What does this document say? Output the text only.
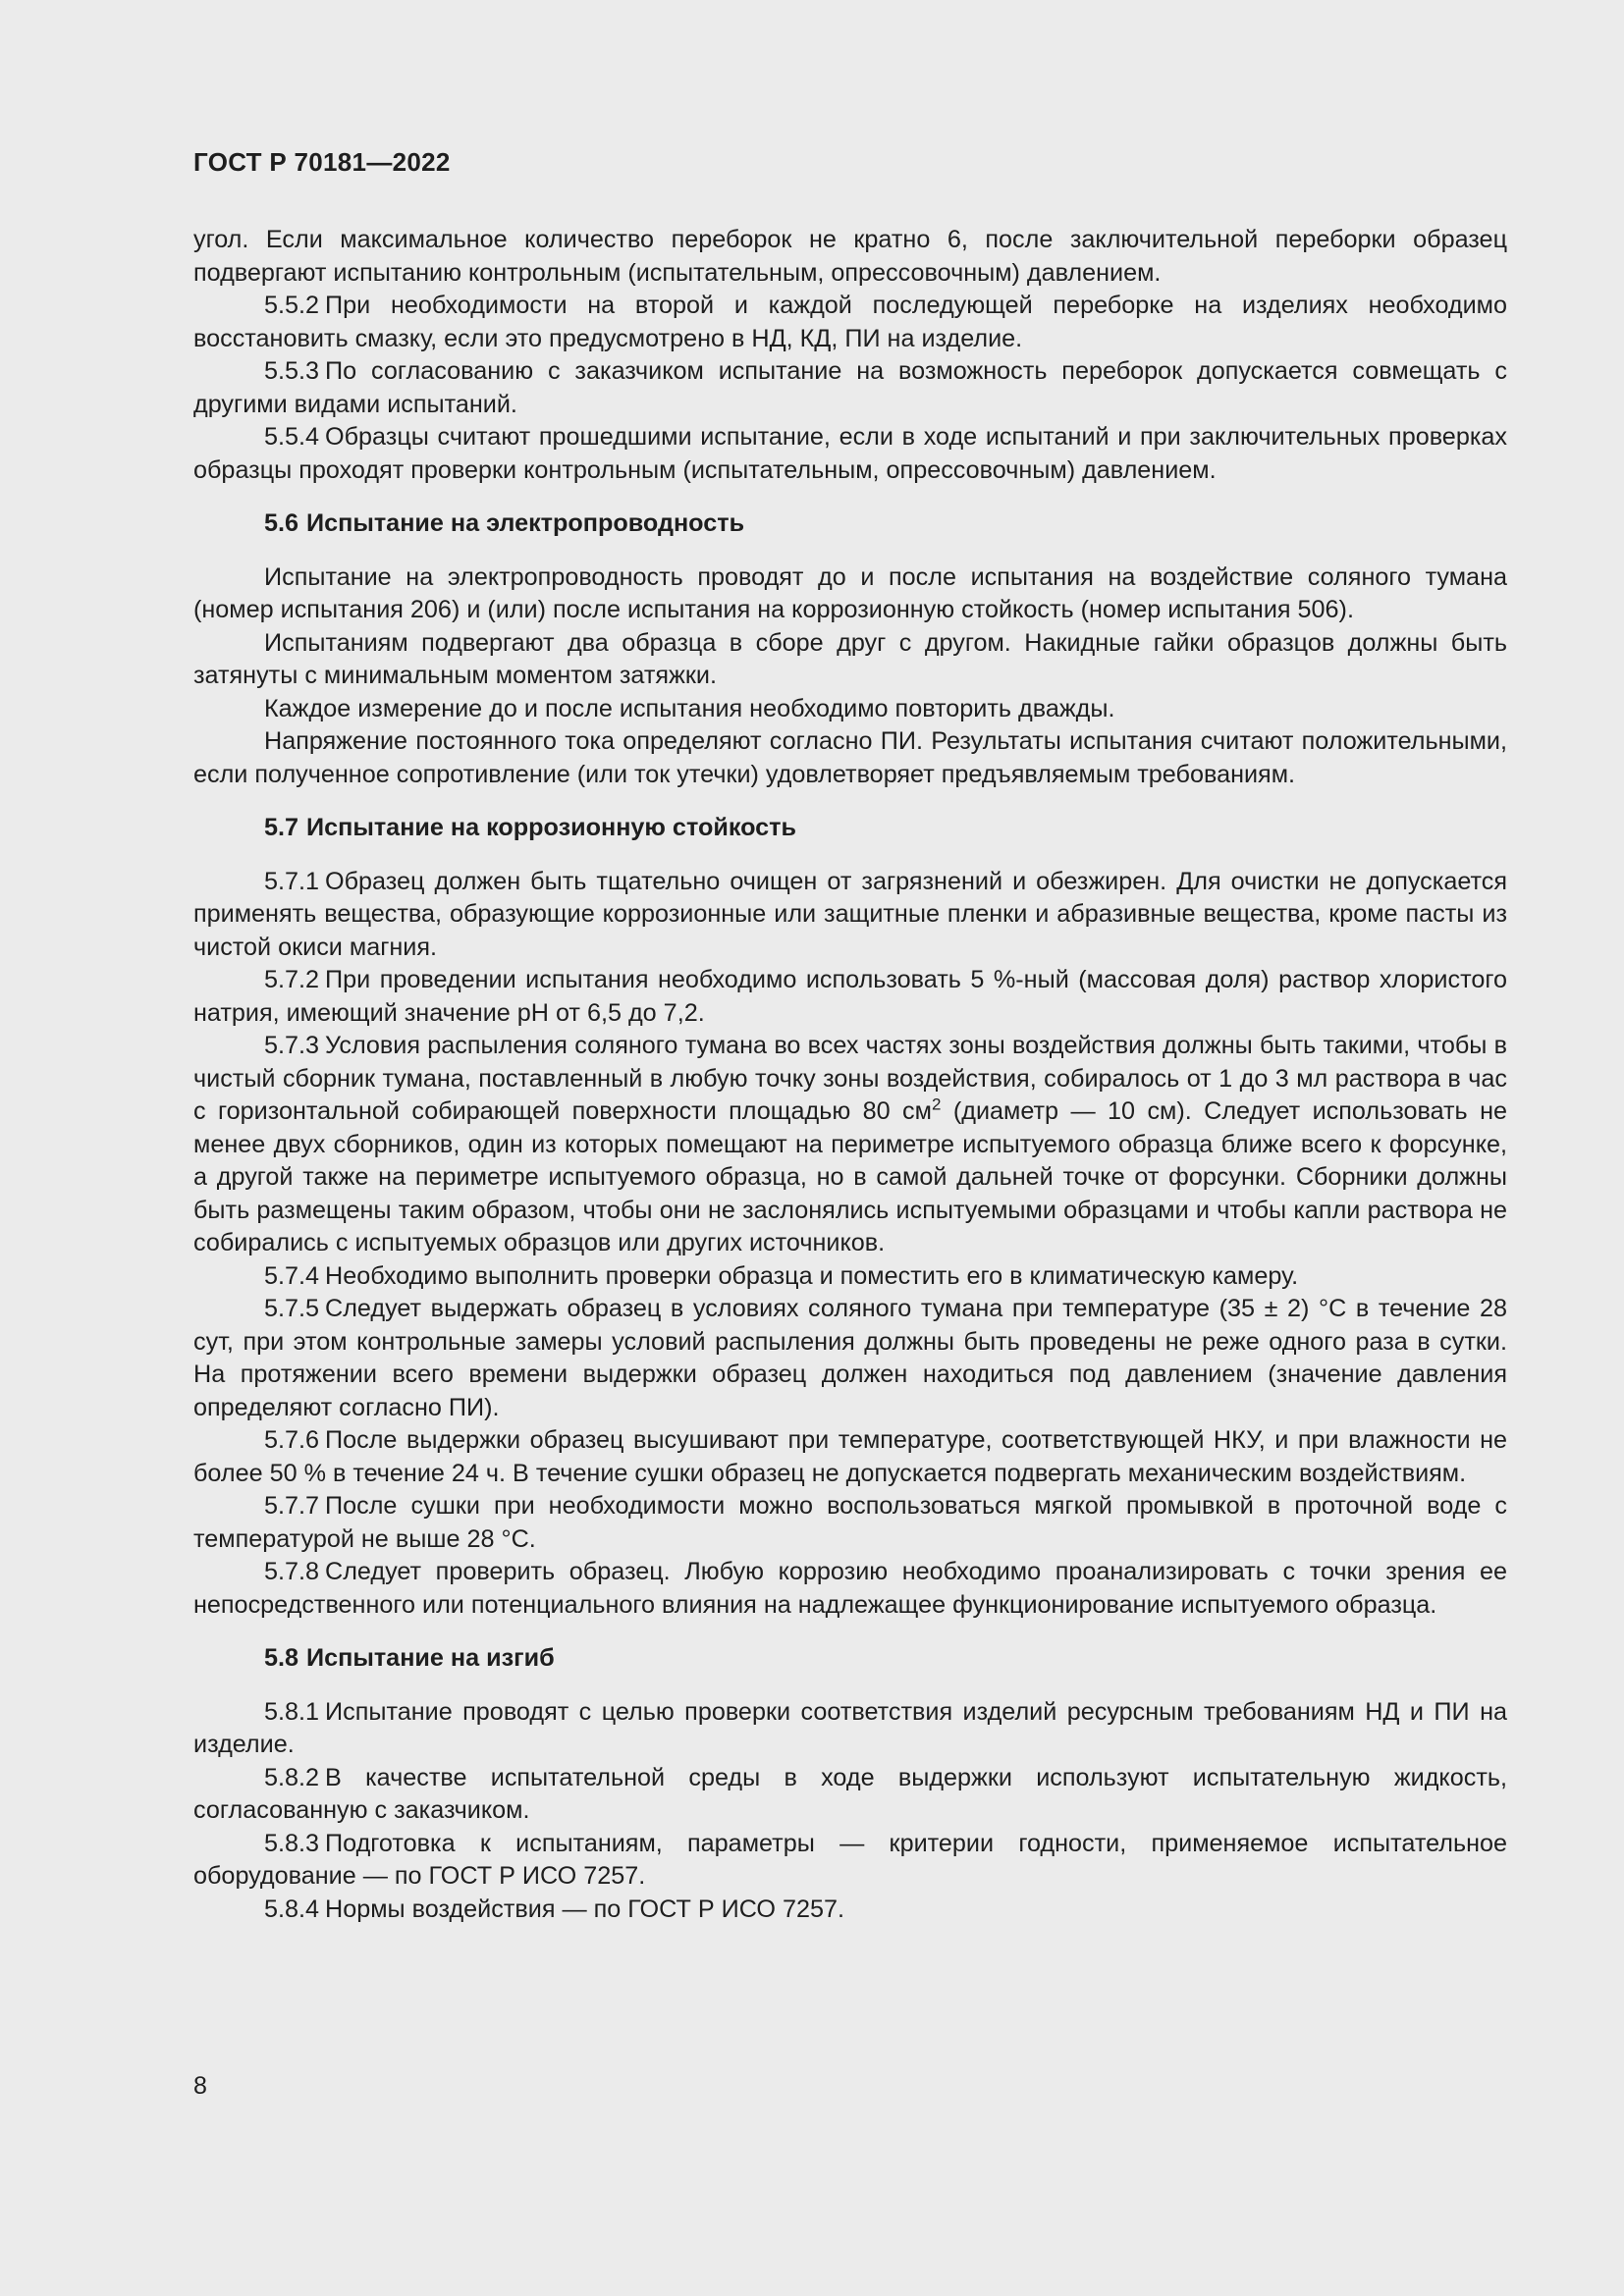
ГОСТ Р 70181—2022

угол. Если максимальное количество переборок не кратно 6, после заключительной переборки образец подвергают испытанию контрольным (испытательным, опрессовочным) давлением.

5.5.2 При необходимости на второй и каждой последующей переборке на изделиях необходимо восстановить смазку, если это предусмотрено в НД, КД, ПИ на изделие.

5.5.3 По согласованию с заказчиком испытание на возможность переборок допускается совмещать с другими видами испытаний.

5.5.4 Образцы считают прошедшими испытание, если в ходе испытаний и при заключительных проверках образцы проходят проверки контрольным (испытательным, опрессовочным) давлением.

5.6 Испытание на электропроводность

Испытание на электропроводность проводят до и после испытания на воздействие соляного тумана (номер испытания 206) и (или) после испытания на коррозионную стойкость (номер испытания 506).

Испытаниям подвергают два образца в сборе друг с другом. Накидные гайки образцов должны быть затянуты с минимальным моментом затяжки.

Каждое измерение до и после испытания необходимо повторить дважды.

Напряжение постоянного тока определяют согласно ПИ. Результаты испытания считают положительными, если полученное сопротивление (или ток утечки) удовлетворяет предъявляемым требованиям.

5.7 Испытание на коррозионную стойкость

5.7.1 Образец должен быть тщательно очищен от загрязнений и обезжирен. Для очистки не допускается применять вещества, образующие коррозионные или защитные пленки и абразивные вещества, кроме пасты из чистой окиси магния.

5.7.2 При проведении испытания необходимо использовать 5 %-ный (массовая доля) раствор хлористого натрия, имеющий значение pH от 6,5 до 7,2.

5.7.3 Условия распыления соляного тумана во всех частях зоны воздействия должны быть такими, чтобы в чистый сборник тумана, поставленный в любую точку зоны воздействия, собиралось от 1 до 3 мл раствора в час с горизонтальной собирающей поверхности площадью 80 $см^2$ (диаметр — 10 см). Следует использовать не менее двух сборников, один из которых помещают на периметре испытуемого образца ближе всего к форсунке, а другой также на периметре испытуемого образца, но в самой дальней точке от форсунки. Сборники должны быть размещены таким образом, чтобы они не заслонялись испытуемыми образцами и чтобы капли раствора не собирались с испытуемых образцов или других источников.

5.7.4 Необходимо выполнить проверки образца и поместить его в климатическую камеру.

5.7.5 Следует выдержать образец в условиях соляного тумана при температуре (35 ± 2) °С в течение 28 сут, при этом контрольные замеры условий распыления должны быть проведены не реже одного раза в сутки. На протяжении всего времени выдержки образец должен находиться под давлением (значение давления определяют согласно ПИ).

5.7.6 После выдержки образец высушивают при температуре, соответствующей НКУ, и при влажности не более 50 % в течение 24 ч. В течение сушки образец не допускается подвергать механическим воздействиям.

5.7.7 После сушки при необходимости можно воспользоваться мягкой промывкой в проточной воде с температурой не выше 28 °С.

5.7.8 Следует проверить образец. Любую коррозию необходимо проанализировать с точки зрения ее непосредственного или потенциального влияния на надлежащее функционирование испытуемого образца.

5.8 Испытание на изгиб

5.8.1 Испытание проводят с целью проверки соответствия изделий ресурсным требованиям НД и ПИ на изделие.

5.8.2 В качестве испытательной среды в ходе выдержки используют испытательную жидкость, согласованную с заказчиком.

5.8.3 Подготовка к испытаниям, параметры — критерии годности, применяемое испытательное оборудование — по ГОСТ Р ИСО 7257.

5.8.4 Нормы воздействия — по ГОСТ Р ИСО 7257.

8
